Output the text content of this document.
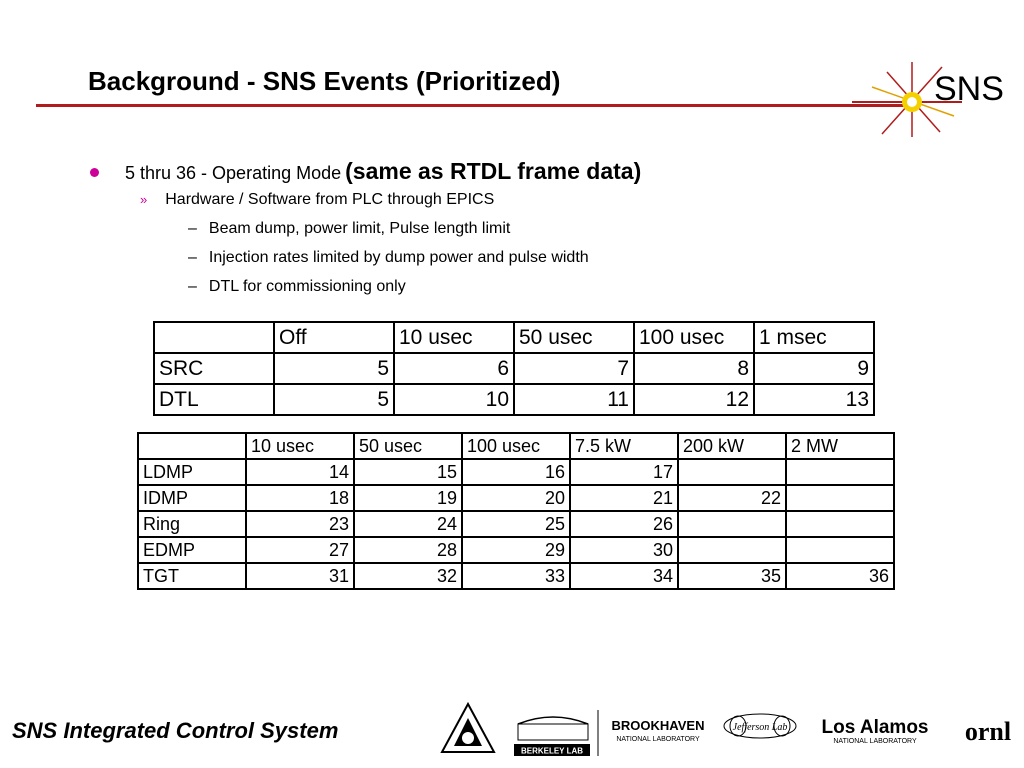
Background - SNS Events (Prioritized)	SNS
5 thru 36 - Operating Mode (same as RTDL frame data)
» Hardware / Software from PLC through EPICS
– Beam dump, power limit, Pulse length limit
– Injection rates limited by dump power and pulse width
– DTL for commissioning only
	Off	10 usec	50 usec	100 usec	1 msec
SRC	5	6	7	8	9
DTL	5	10	11	12	13
	10 usec	50 usec	100 usec	7.5 kW	200 kW	2 MW
LDMP	14	15	16	17		
IDMP	18	19	20	21	22	
Ring	23	24	25	26		
EDMP	27	28	29	30		
TGT	31	32	33	34	35	36
SNS Integrated Control System
BERKELEY LAB
BROOKHAVEN
NATIONAL LABORATORY
Jefferson Lab Los Alamos
NATIONAL LABORATORY ornl
